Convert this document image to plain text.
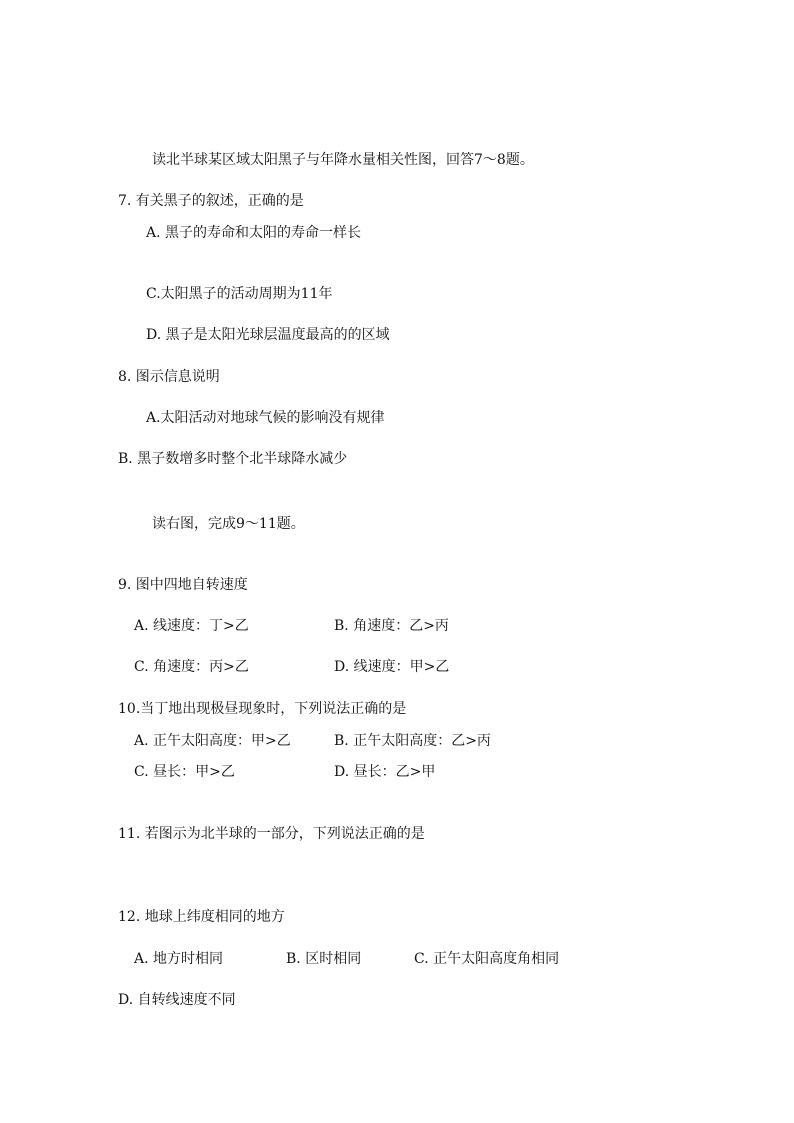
读北半球某区域太阳黑子与年降水量相关性图，回答7～8题。
7. 有关黑子的叙述，正确的是
A. 黑子的寿命和太阳的寿命一样长
C.太阳黑子的活动周期为11年
D. 黑子是太阳光球层温度最高的的区域
8. 图示信息说明
A.太阳活动对地球气候的影响没有规律
B. 黑子数增多时整个北半球降水减少
读右图，完成9～11题。
9. 图中四地自转速度
A. 线速度：丁>乙	B. 角速度：乙>丙
C. 角速度：丙>乙	D. 线速度：甲>乙
10.当丁地出现极昼现象时，下列说法正确的是
A. 正午太阳高度：甲>乙	B. 正午太阳高度：乙>丙
C. 昼长：甲>乙	D. 昼长：乙>甲
11. 若图示为北半球的一部分，下列说法正确的是
12. 地球上纬度相同的地方
A. 地方时相同	B. 区时相同	C. 正午太阳高度角相同
D. 自转线速度不同
